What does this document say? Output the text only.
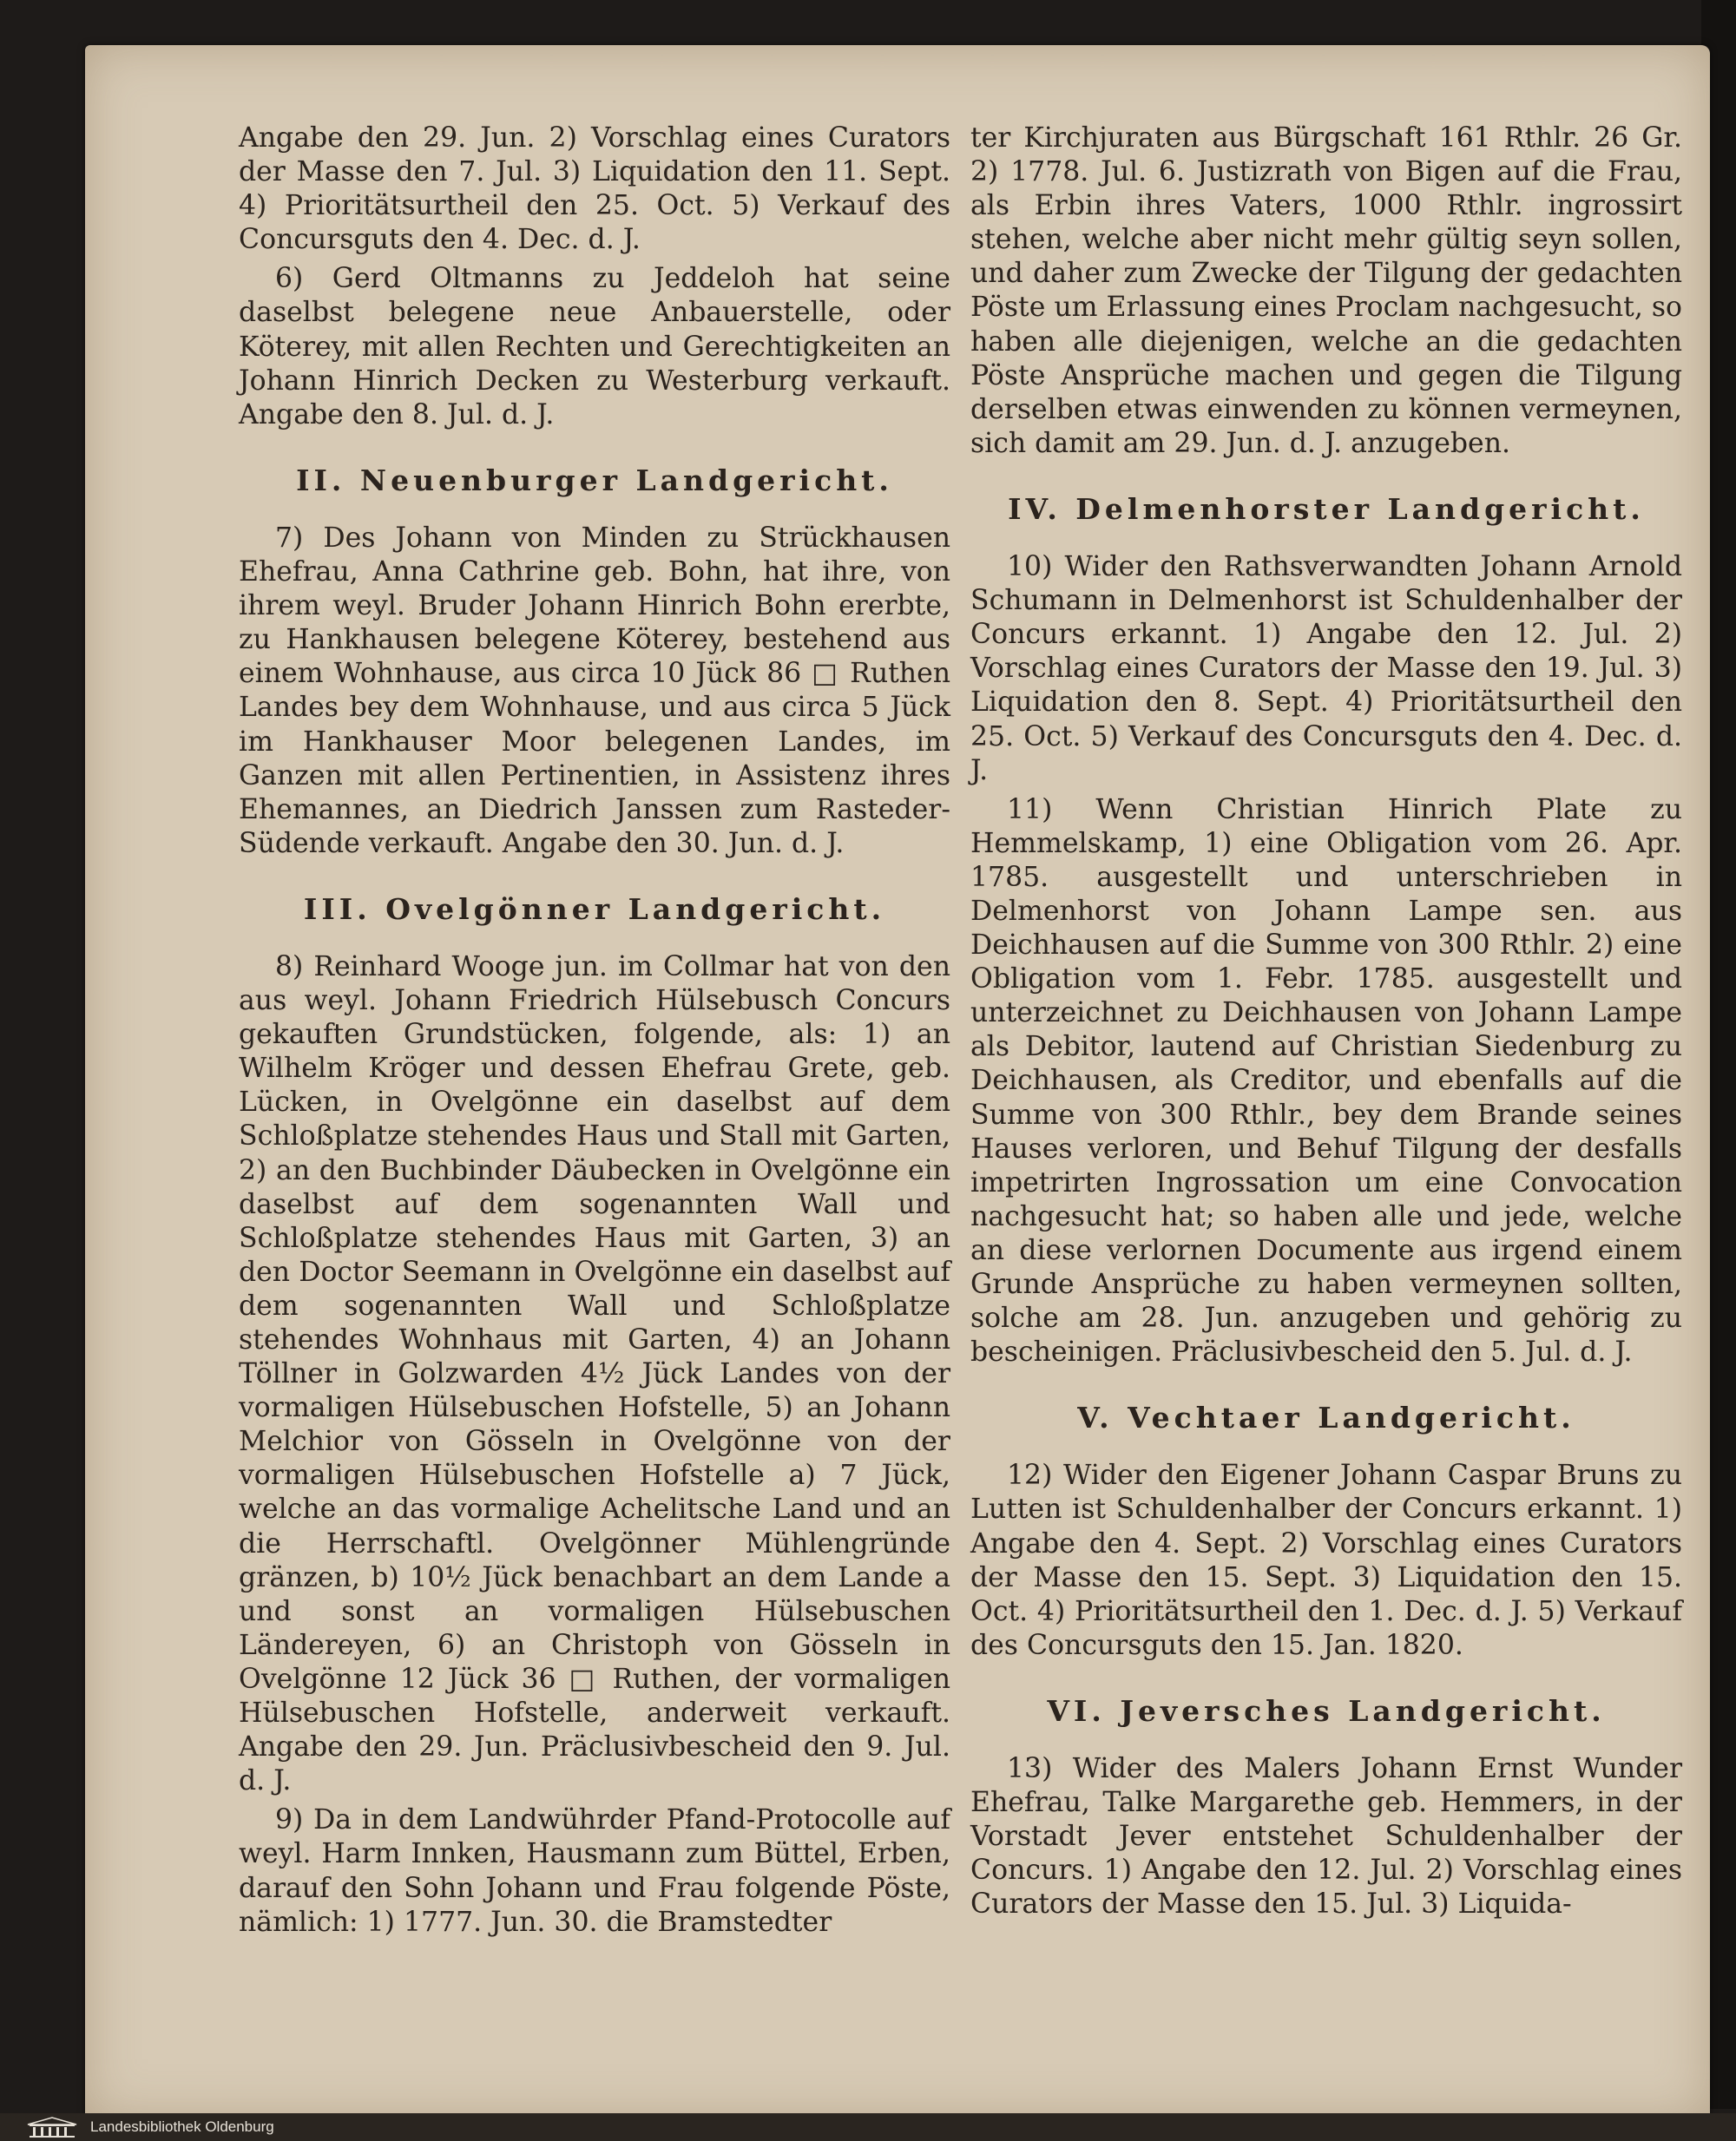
Angabe den 29. Jun. 2) Vorschlag eines Curators der Masse den 7. Jul. 3) Liquidation den 11. Sept. 4) Prioritätsurtheil den 25. Oct. 5) Verkauf des Concursguts den 4. Dec. d. J.

6) Gerd Oltmanns zu Jeddeloh hat seine daselbst belegene neue Anbauerstelle, oder Köterey, mit allen Rechten und Gerechtigkeiten an Johann Hinrich Decken zu Westerburg verkauft. Angabe den 8. Jul. d. J.

II. Neuenburger Landgericht.

7) Des Johann von Minden zu Strückhausen Ehefrau, Anna Cathrine geb. Bohn, hat ihre, von ihrem weyl. Bruder Johann Hinrich Bohn ererbte, zu Hankhausen belegene Köterey, bestehend aus einem Wohnhause, aus circa 10 Jück 86 □ Ruthen Landes bey dem Wohnhause, und aus circa 5 Jück im Hankhauser Moor belegenen Landes, im Ganzen mit allen Pertinentien, in Assistenz ihres Ehemannes, an Diedrich Janssen zum Rasteder-Südende verkauft. Angabe den 30. Jun. d. J.

III. Ovelgönner Landgericht.

8) Reinhard Wooge jun. im Collmar hat von den aus weyl. Johann Friedrich Hülsebusch Concurs gekauften Grundstücken, folgende, als: 1) an Wilhelm Kröger und dessen Ehefrau Grete, geb. Lücken, in Ovelgönne ein daselbst auf dem Schloßplatze stehendes Haus und Stall mit Garten, 2) an den Buchbinder Däubecken in Ovelgönne ein daselbst auf dem sogenannten Wall und Schloßplatze stehendes Haus mit Garten, 3) an den Doctor Seemann in Ovelgönne ein daselbst auf dem sogenannten Wall und Schloßplatze stehendes Wohnhaus mit Garten, 4) an Johann Töllner in Golzwarden 4½ Jück Landes von der vormaligen Hülsebuschen Hofstelle, 5) an Johann Melchior von Gösseln in Ovelgönne von der vormaligen Hülsebuschen Hofstelle a) 7 Jück, welche an das vormalige Achelitsche Land und an die Herrschaftl. Ovelgönner Mühlengründe gränzen, b) 10½ Jück benachbart an dem Lande a und sonst an vormaligen Hülsebuschen Ländereyen, 6) an Christoph von Gösseln in Ovelgönne 12 Jück 36 □ Ruthen, der vormaligen Hülsebuschen Hofstelle, anderweit verkauft. Angabe den 29. Jun. Präclusivbescheid den 9. Jul. d. J.

9) Da in dem Landwührder Pfand-Protocolle auf weyl. Harm Innken, Hausmann zum Büttel, Erben, darauf den Sohn Johann und Frau folgende Pöste, nämlich: 1) 1777. Jun. 30. die Bramstedter

ter Kirchjuraten aus Bürgschaft 161 Rthlr. 26 Gr. 2) 1778. Jul. 6. Justizrath von Bigen auf die Frau, als Erbin ihres Vaters, 1000 Rthlr. ingrossirt stehen, welche aber nicht mehr gültig seyn sollen, und daher zum Zwecke der Tilgung der gedachten Pöste um Erlassung eines Proclam nachgesucht, so haben alle diejenigen, welche an die gedachten Pöste Ansprüche machen und gegen die Tilgung derselben etwas einwenden zu können vermeynen, sich damit am 29. Jun. d. J. anzugeben.

IV. Delmenhorster Landgericht.

10) Wider den Rathsverwandten Johann Arnold Schumann in Delmenhorst ist Schuldenhalber der Concurs erkannt. 1) Angabe den 12. Jul. 2) Vorschlag eines Curators der Masse den 19. Jul. 3) Liquidation den 8. Sept. 4) Prioritätsurtheil den 25. Oct. 5) Verkauf des Concursguts den 4. Dec. d. J.

11) Wenn Christian Hinrich Plate zu Hemmelskamp, 1) eine Obligation vom 26. Apr. 1785. ausgestellt und unterschrieben in Delmenhorst von Johann Lampe sen. aus Deichhausen auf die Summe von 300 Rthlr. 2) eine Obligation vom 1. Febr. 1785. ausgestellt und unterzeichnet zu Deichhausen von Johann Lampe als Debitor, lautend auf Christian Siedenburg zu Deichhausen, als Creditor, und ebenfalls auf die Summe von 300 Rthlr., bey dem Brande seines Hauses verloren, und Behuf Tilgung der desfalls impetrirten Ingrossation um eine Convocation nachgesucht hat; so haben alle und jede, welche an diese verlornen Documente aus irgend einem Grunde Ansprüche zu haben vermeynen sollten, solche am 28. Jun. anzugeben und gehörig zu bescheinigen. Präclusivbescheid den 5. Jul. d. J.

V. Vechtaer Landgericht.

12) Wider den Eigener Johann Caspar Bruns zu Lutten ist Schuldenhalber der Concurs erkannt. 1) Angabe den 4. Sept. 2) Vorschlag eines Curators der Masse den 15. Sept. 3) Liquidation den 15. Oct. 4) Prioritätsurtheil den 1. Dec. d. J. 5) Verkauf des Concursguts den 15. Jan. 1820.

VI. Jeversches Landgericht.

13) Wider des Malers Johann Ernst Wunder Ehefrau, Talke Margarethe geb. Hemmers, in der Vorstadt Jever entstehet Schuldenhalber der Concurs. 1) Angabe den 12. Jul. 2) Vorschlag eines Curators der Masse den 15. Jul. 3) Liquida-

Landesbibliothek Oldenburg
